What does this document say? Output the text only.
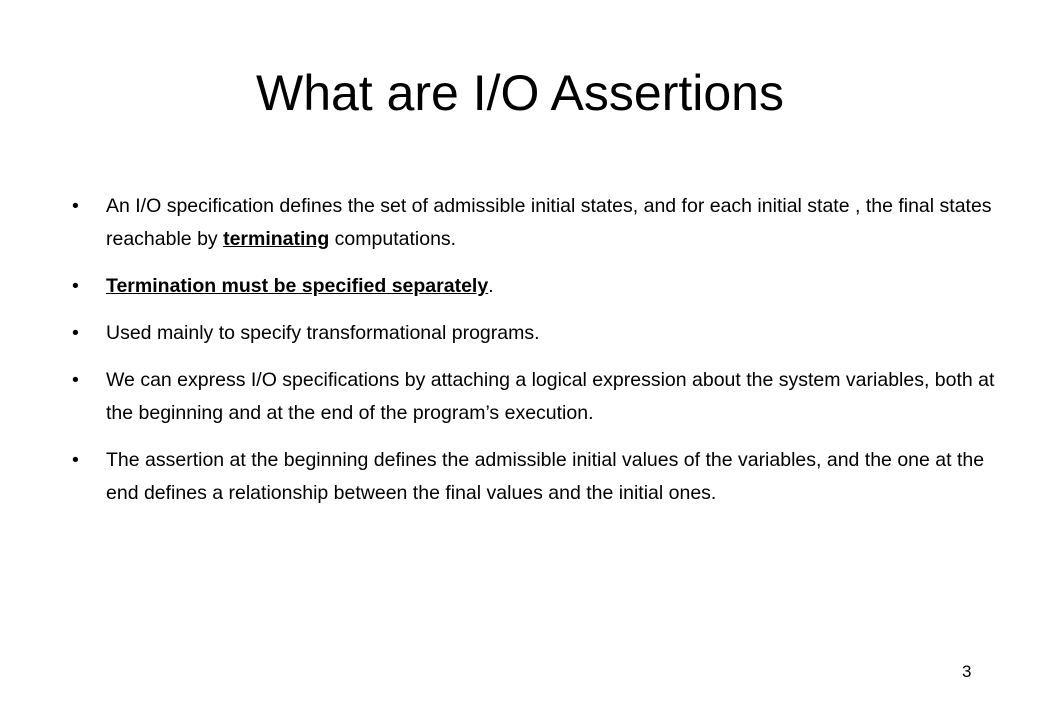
What are I/O Assertions
•	An I/O specification defines the set of admissible initial states, and for each initial state , the final states reachable by terminating computations.
•	Termination must be specified separately.
•	Used mainly to specify transformational programs.
•	We can express I/O specifications by attaching a logical expression about the system variables, both at the beginning and at the end of the program’s execution.
•	The assertion at the beginning defines the admissible initial values of the variables, and the one at the end defines a relationship between the final values and the initial ones.
3
